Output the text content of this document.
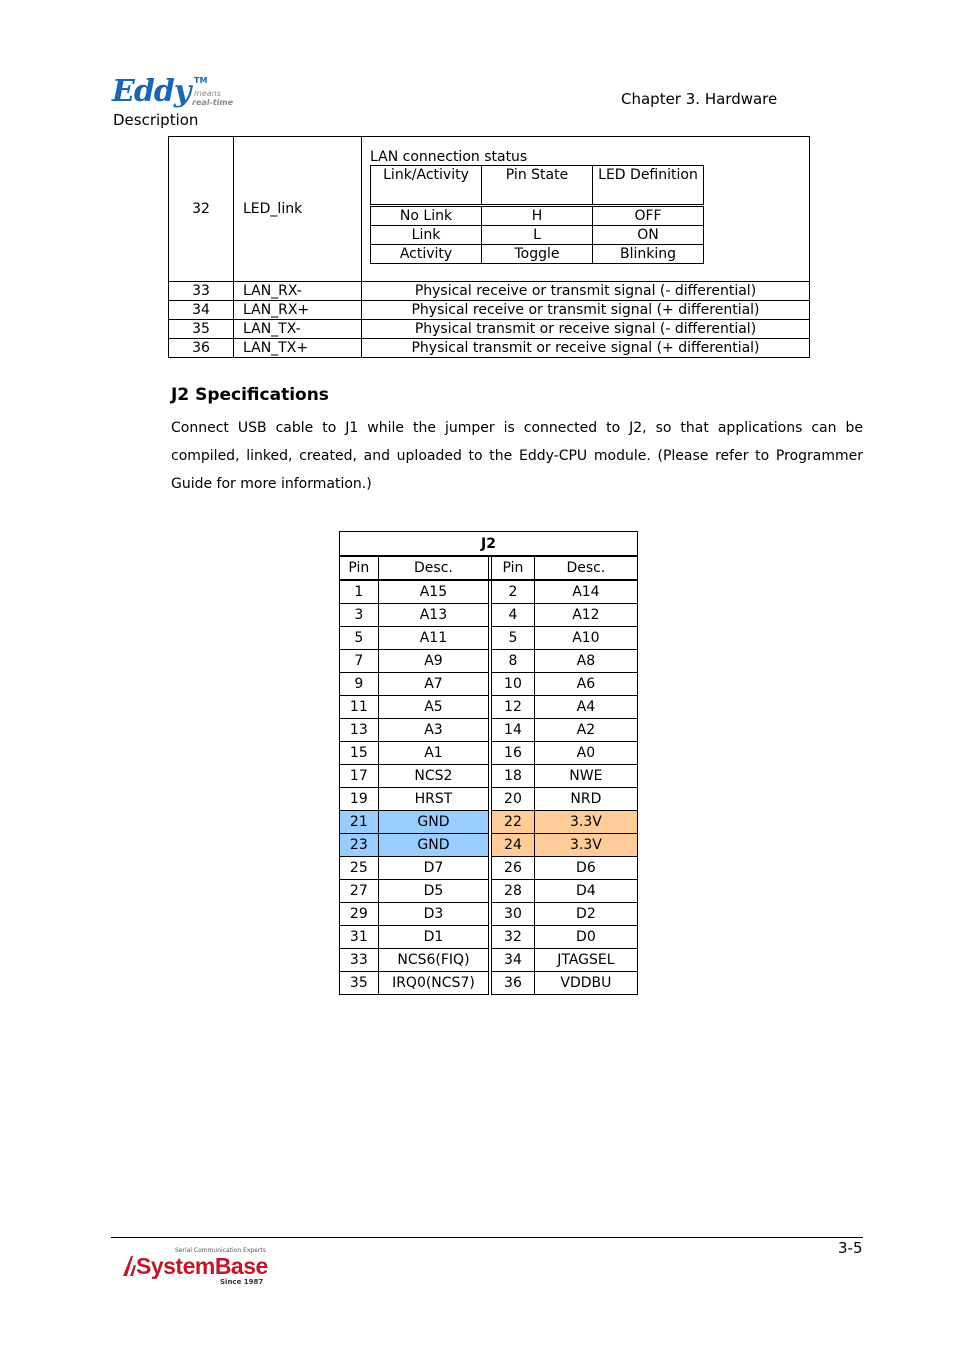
Eddy TM
means
real-time	Chapter 3. Hardware
Description
32	LED_link	
LAN connection status
Link/Activity	Pin State	LED Definition
No Link	H	OFF
Link	L	ON
Activity	Toggle	Blinking

33	LAN_RX-	Physical receive or transmit signal (- differential)
34	LAN_RX+	Physical receive or transmit signal (+ differential)
35	LAN_TX-	Physical transmit or receive signal (- differential)
36	LAN_TX+	Physical transmit or receive signal (+ differential)
J2 Specifications
Connect USB cable to J1 while the jumper is connected to J2, so that applications can be compiled, linked, created, and uploaded to the Eddy-CPU module. (Please refer to Programmer Guide for more information.)
J2				
Pin	Desc.		Pin	Desc.
1	A15		2	A14
3	A13		4	A12
5	A11		5	A10
7	A9		8	A8
9	A7		10	A6
11	A5		12	A4
13	A3		14	A2
15	A1		16	A0
17	NCS2		18	NWE
19	HRST		20	NRD
21	GND		22	3.3V
23	GND		24	3.3V
25	D7		26	D6
27	D5		28	D4
29	D3		30	D2
31	D1		32	D0
33	NCS6(FIQ)		34	JTAGSEL
35	IRQ0(NCS7)		36	VDDBU
3-5
Serial Communication Experts
SystemBase
Since 1987
